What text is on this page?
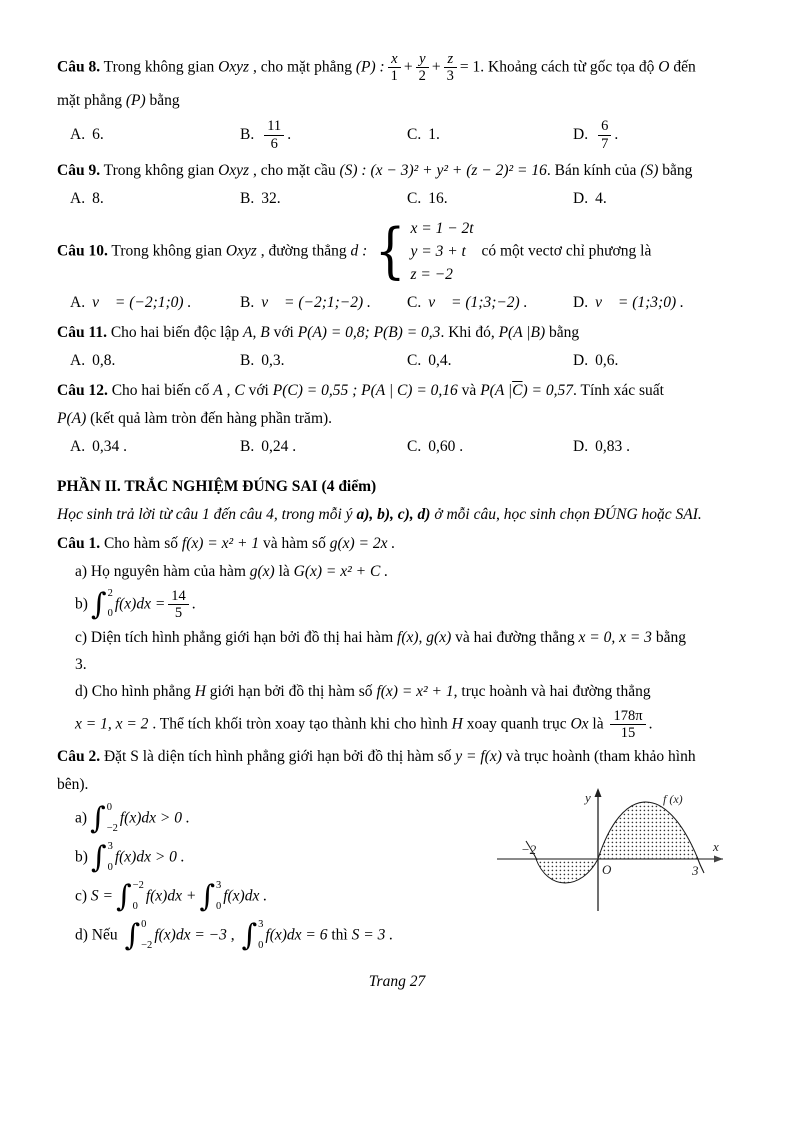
Câu 8. Trong không gian Oxyz , cho mặt phẳng (P) : $\frac{x}{1} + \frac{y}{2} + \frac{z}{3} = 1$. Khoảng cách từ gốc tọa độ O đến

mặt phẳng (P) bằng

A. 6.	B. 11
6
.	C. 1.	D. 6
7
.

Câu 9. Trong không gian Oxyz , cho mặt cầu (S) : (x − 3)² + y² + (z − 2)² = 16. Bán kính của (S) bằng

A. 8.	B. 32.	C. 16.	D. 4.

Câu 10. Trong không gian Oxyz , đường thẳng d : { x = 1 − 2t
y = 3 + t
z = −2
có một vectơ chỉ phương là

A. v⃗ = (−2;1;0) .	B. v⃗ = (−2;1;−2) . C. v⃗ = (1;3;−2) .	D. v⃗ = (1;3;0) .

Câu 11. Cho hai biến độc lập A, B với P(A) = 0,8; P(B) = 0,3. Khi đó, P(A |B) bằng

A. 0,8.	B. 0,3.	C. 0,4.	D. 0,6.

Câu 12. Cho hai biến cố A , C với P(C) = 0,55 ; P(A | C) = 0,16 và P(A $|\overline{C}) = 0,57$. Tính xác suất

P(A) (kết quả làm tròn đến hàng phần trăm).

A. 0,34 .	B. 0,24 .	C. 0,60 .	D. 0,83 .

PHẦN II. TRẮC NGHIỆM ĐÚNG SAI (4 điểm)

Học sinh trả lời từ câu 1 đến câu 4, trong mỗi ý a), b), c), d) ở mỗi câu, học sinh chọn ĐÚNG hoặc SAI.

Câu 1. Cho hàm số f(x) = x² + 1 và hàm số g(x) = 2x .

a) Họ nguyên hàm của hàm g(x) là G(x) = x² + C .

b) ∫ 2
0
$f(x)dx = \frac{14}{5}$ .

c) Diện tích hình phẳng giới hạn bởi đồ thị hai hàm f(x), g(x) và hai đường thẳng x = 0, x = 3 bằng

3.

d) Cho hình phẳng H giới hạn bởi đồ thị hàm số f(x) = x² + 1, trục hoành và hai đường thẳng

x = 1, x = 2 . Thể tích khối tròn xoay tạo thành khi cho hình H xoay quanh trục Ox là $\frac{178\pi}{15}$ .

Câu 2. Đặt S là diện tích hình phẳng giới hạn bởi đồ thị hàm số y = f(x) và trục hoành (tham khảo hình

bên).

y
x
f (x)
−2
O	3

a) ∫ 0
−2
f(x)dx > 0 .

b) ∫ 3
0
f(x)dx > 0 .

c) S = ∫ −2
0
f(x)dx + ∫ 3
0
f(x)dx .

d) Nếu ∫ 0
−2
f(x)dx = −3 , ∫ 3
0
f(x)dx = 6 thì S = 3 .

Trang 27
